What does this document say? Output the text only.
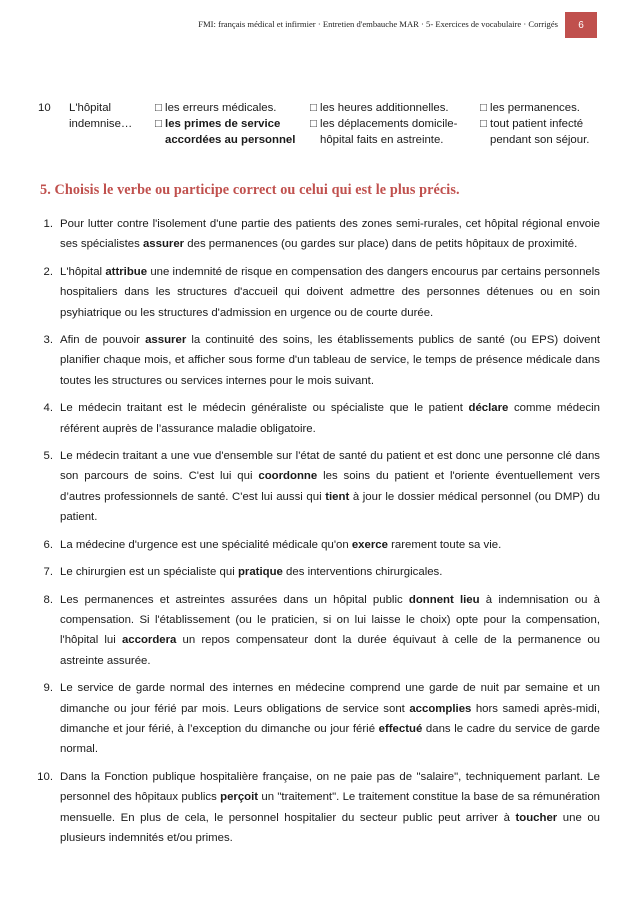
FMI: français médical et infirmier · Entretien d'embauche MAR · 5- Exercices de vocabulaire · Corrigés	6
10 L'hôpital
indemnise…
□ les erreurs médicales.
□ les primes de service
accordées au personnel
□ les heures additionnelles.
□ les déplacements domicile-
hôpital faits en astreinte.
□ les permanences.
□ tout patient infecté
pendant son séjour.
5. Choisis le verbe ou participe correct ou celui qui est le plus précis.
1. Pour lutter contre l'isolement d'une partie des patients des zones semi-rurales, cet hôpital régional envoie ses spécialistes assurer des permanences (ou gardes sur place) dans de petits hôpitaux de proximité.
2. L'hôpital attribue une indemnité de risque en compensation des dangers encourus par certains personnels hospitaliers dans les structures d'accueil qui doivent admettre des personnes détenues ou en soin psyhiatrique ou les structures d'admission en urgence ou de courte durée.
3. Afin de pouvoir assurer la continuité des soins, les établissements publics de santé (ou EPS) doivent planifier chaque mois, et afficher sous forme d'un tableau de service, le temps de présence médicale dans toutes les structures ou services internes pour le mois suivant.
4. Le médecin traitant est le médecin généraliste ou spécialiste que le patient déclare comme médecin référent auprès de l’assurance maladie obligatoire.
5. Le médecin traitant a une vue d'ensemble sur l'état de santé du patient et est donc une personne clé dans son parcours de soins. C'est lui qui coordonne les soins du patient et l'oriente éventuellement vers d’autres professionnels de santé. C'est lui aussi qui tient à jour le dossier médical personnel (ou DMP) du patient.
6. La médecine d'urgence est une spécialité médicale qu'on exerce rarement toute sa vie.
7. Le chirurgien est un spécialiste qui pratique des interventions chirurgicales.
8. Les permanences et astreintes assurées dans un hôpital public donnent lieu à indemnisation ou à compensation. Si l'établissement (ou le praticien, si on lui laisse le choix) opte pour la compensation, l'hôpital lui accordera un repos compensateur dont la durée équivaut à celle de la permanence ou astreinte assurée.
9. Le service de garde normal des internes en médecine comprend une garde de nuit par semaine et un dimanche ou jour férié par mois. Leurs obligations de service sont accomplies hors samedi après-midi, dimanche et jour férié, à l’exception du dimanche ou jour férié effectué dans le cadre du service de garde normal.
10. Dans la Fonction publique hospitalière française, on ne paie pas de "salaire", techniquement parlant. Le personnel des hôpitaux publics perçoit un "traitement". Le traitement constitue la base de sa rémunération mensuelle. En plus de cela, le personnel hospitalier du secteur public peut arriver à toucher une ou plusieurs indemnités et/ou primes.
